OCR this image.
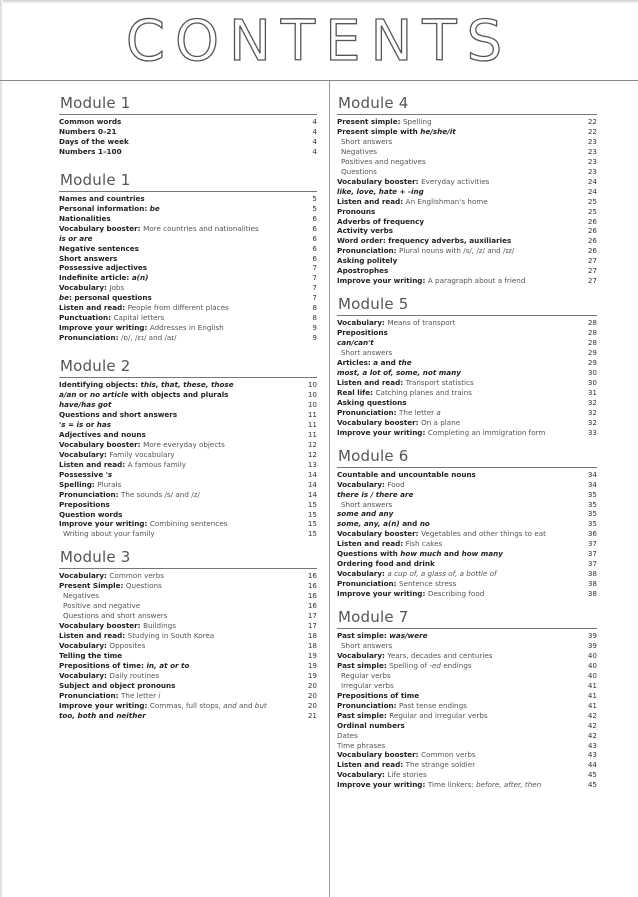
CONTENTS
Module 1
Common words	4
Numbers 0–21	4
Days of the week	4
Numbers 1–100	4
Module 1
Names and countries	5
Personal information: be	5
Nationalities	6
Vocabulary booster: More countries and nationalities	6
is or are	6
Negative sentences	6
Short answers	6
Possessive adjectives	7
Indefinite article: a(n)	7
Vocabulary: Jobs	7
be: personal questions	7
Listen and read: People from different places	8
Punctuation: Capital letters	8
Improve your writing: Addresses in English	9
Pronunciation: /ɒ/, /ɛɪ/ and /aɪ/	9
Module 2
Identifying objects: this, that, these, those	10
a/an or no article with objects and plurals	10
have/has got	10
Questions and short answers	11
's = is or has	11
Adjectives and nouns	11
Vocabulary booster: More everyday objects	12
Vocabulary: Family vocabulary	12
Listen and read: A famous family	13
Possessive 's	14
Spelling: Plurals	14
Pronunciation: The sounds /s/ and /z/	14
Prepositions	15
Question words	15
Improve your writing: Combining sentences	15
Writing about your family	15
Module 3
Vocabulary: Common verbs	16
Present Simple: Questions	16
Negatives	16
Positive and negative	16
Questions and short answers	17
Vocabulary booster: Buildings	17
Listen and read: Studying in South Korea	18
Vocabulary: Opposites	18
Telling the time	19
Prepositions of time: in, at or to	19
Vocabulary: Daily routines	19
Subject and object pronouns	20
Pronunciation: The letter i	20
Improve your writing: Commas, full stops, and and but	20
too, both and neither	21
Module 4
Present simple: Spelling	22
Present simple with he/she/it	22
Short answers	23
Negatives	23
Positives and negatives	23
Questions	23
Vocabulary booster: Everyday activities	24
like, love, hate + -ing	24
Listen and read: An Englishman's home	25
Pronouns	25
Adverbs of frequency	26
Activity verbs	26
Word order: frequency adverbs, auxiliaries	26
Pronunciation: Plural nouns with /s/, /z/ and /ɪz/	26
Asking politely	27
Apostrophes	27
Improve your writing: A paragraph about a friend	27
Module 5
Vocabulary: Means of transport	28
Prepositions	28
can/can't	28
Short answers	29
Articles: a and the	29
most, a lot of, some, not many	30
Listen and read: Transport statistics	30
Real life: Catching planes and trains	31
Asking questions	32
Pronunciation: The letter a	32
Vocabulary booster: On a plane	32
Improve your writing: Completing an immigration form	33
Module 6
Countable and uncountable nouns	34
Vocabulary: Food	34
there is / there are	35
Short answers	35
some and any	35
some, any, a(n) and no	35
Vocabulary booster: Vegetables and other things to eat	36
Listen and read: Fish cakes	37
Questions with how much and how many	37
Ordering food and drink	37
Vocabulary: a cup of, a glass of, a bottle of	38
Pronunciation: Sentence stress	38
Improve your writing: Describing food	38
Module 7
Past simple: was/were	39
Short answers	39
Vocabulary: Years, decades and centuries	40
Past simple: Spelling of -ed endings	40
Regular verbs	40
Irregular verbs	41
Prepositions of time	41
Pronunciation: Past tense endings	41
Past simple: Regular and irregular verbs	42
Ordinal numbers	42
Dates	42
Time phrases	43
Vocabulary booster: Common verbs	43
Listen and read: The strange soldier	44
Vocabulary: Life stories	45
Improve your writing: Time linkers: before, after, then	45
